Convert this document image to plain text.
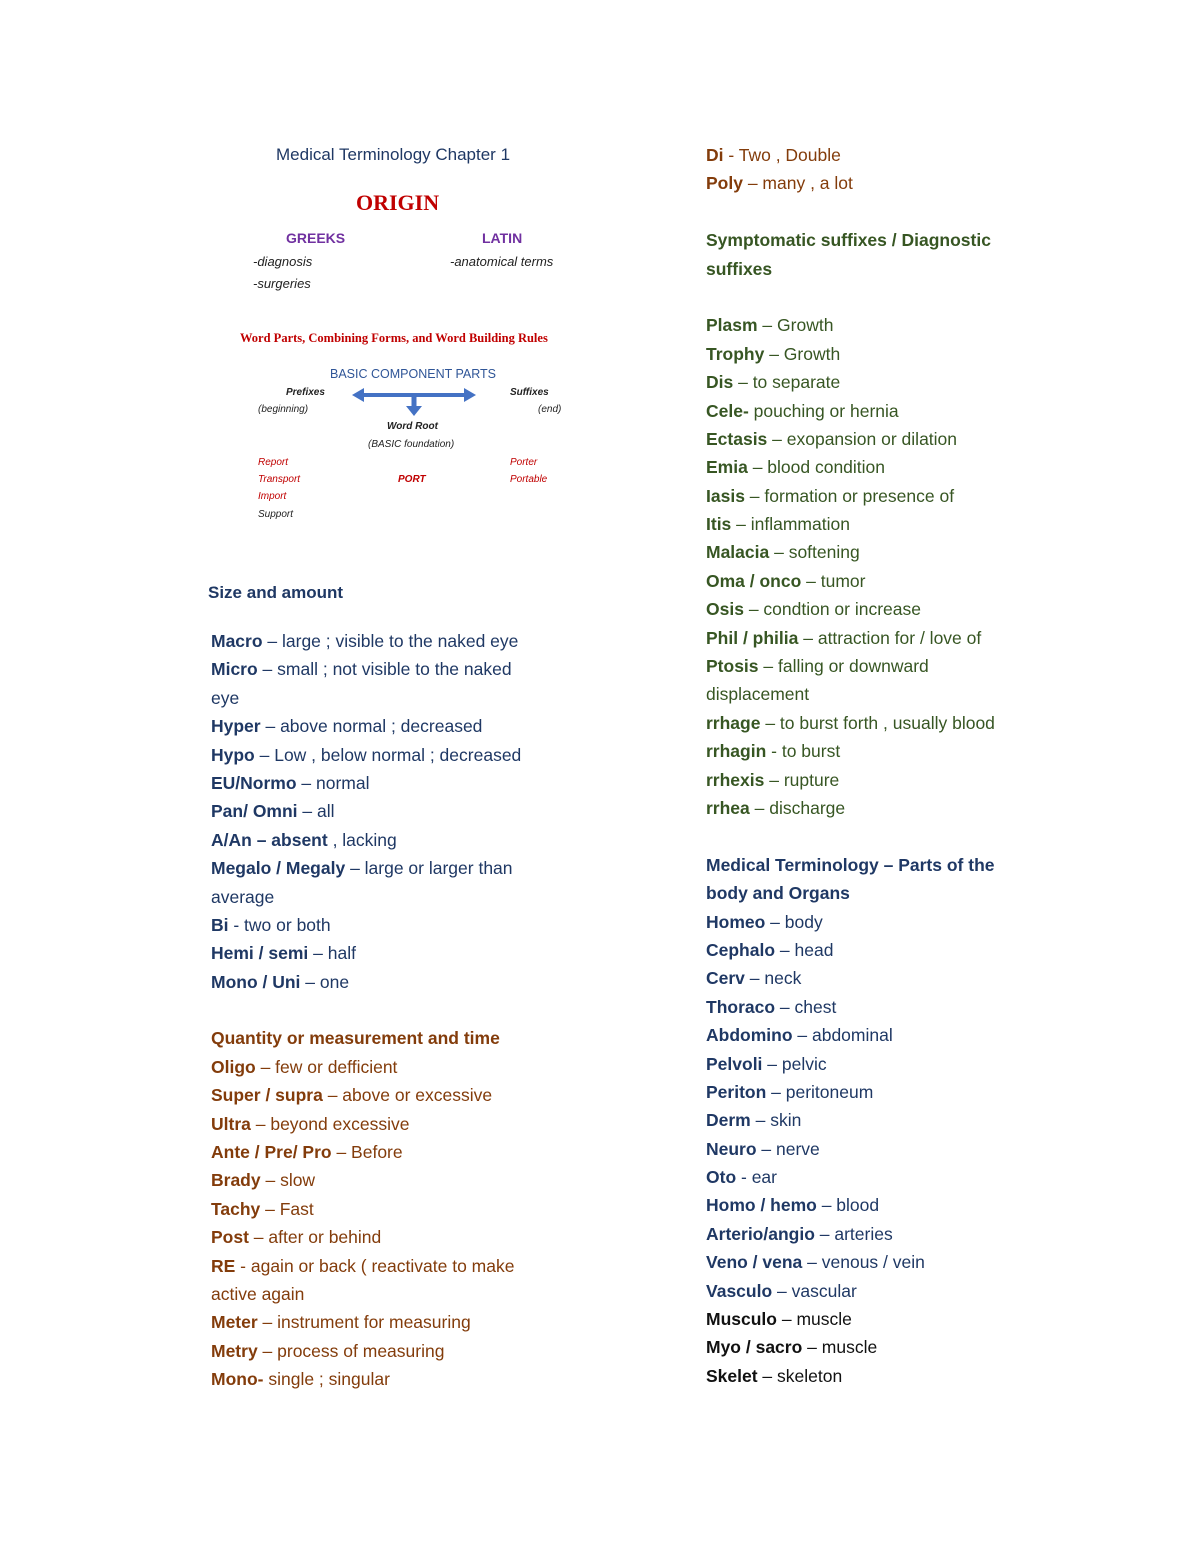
Medical Terminology Chapter 1
ORIGIN
GREEKS	LATIN
-diagnosis
-surgeries
-anatomical terms
Word Parts, Combining Forms, and Word Building Rules
BASIC COMPONENT PARTS
Prefixes
(beginning)
Suffixes
(end)
Word Root
(BASIC foundation)
Report
Transport
Import
Support
PORT
Porter
Portable
Size and amount
Macro – large ; visible to the naked eye
Micro – small ; not visible to the naked
eye
Hyper – above normal ; decreased
Hypo – Low , below normal ; decreased
EU/Normo – normal
Pan/ Omni – all
A/An – absent , lacking
Megalo / Megaly – large or larger than
average
Bi - two or both
Hemi / semi – half
Mono / Uni – one
Quantity or measurement and time
Oligo – few or defficient
Super / supra – above or excessive
Ultra – beyond excessive
Ante / Pre/ Pro – Before
Brady – slow
Tachy – Fast
Post – after or behind
RE - again or back ( reactivate to make
active again
Meter – instrument for measuring
Metry – process of measuring
Mono- single ; singular
Di - Two , Double
Poly – many , a lot
Symptomatic suffixes / Diagnostic
suffixes
Plasm – Growth
Trophy – Growth
Dis – to separate
Cele- pouching or hernia
Ectasis – exopansion or dilation
Emia – blood condition
Iasis – formation or presence of
Itis – inflammation
Malacia – softening
Oma / onco – tumor
Osis – condtion or increase
Phil / philia – attraction for / love of
Ptosis – falling or downward
displacement
rrhage – to burst forth , usually blood
rrhagin - to burst
rrhexis – rupture
rrhea – discharge
Medical Terminology – Parts of the
body and Organs
Homeo – body
Cephalo – head
Cerv – neck
Thoraco – chest
Abdomino – abdominal
Pelvoli – pelvic
Periton – peritoneum
Derm – skin
Neuro – nerve
Oto - ear
Homo / hemo – blood
Arterio/angio – arteries
Veno / vena – venous / vein
Vasculo – vascular
Musculo – muscle
Myo / sacro – muscle
Skelet – skeleton
